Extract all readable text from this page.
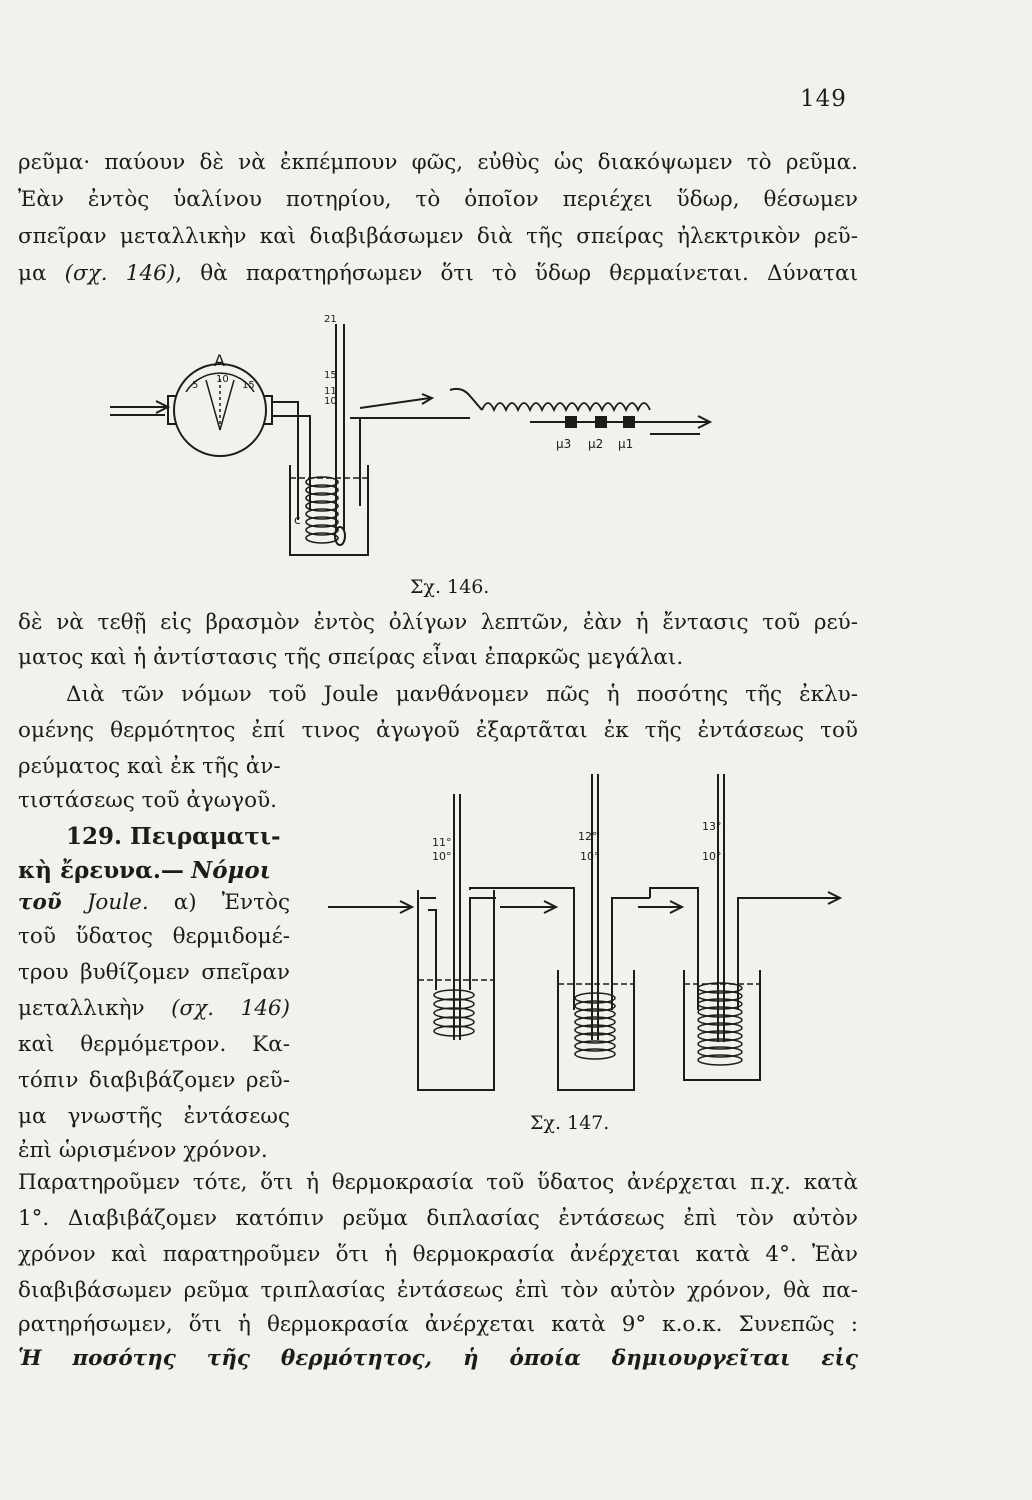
149
ρεῦμα· παύουν δὲ νὰ ἐκπέμπουν φῶς, εὐθὺς ὡς διακόψωμεν τὸ ρεῦμα.
Ἐὰν ἐντὸς ὑαλίνου ποτηρίου, τὸ ὁποῖον περιέχει ὕδωρ, θέσωμεν
σπεῖραν μεταλλικὴν καὶ διαβιβάσωμεν διὰ τῆς σπείρας ἠλεκτρικὸν ρεῦ-
μα (σχ. 146), θὰ παρατηρήσωμεν ὅτι τὸ ὕδωρ θερμαίνεται. Δύναται
A
5
10
15
c
21
15
11
10
μ3 μ2 μ1
Σχ. 146.
δὲ νὰ τεθῇ εἰς βρασμὸν ἐντὸς ὀλίγων λεπτῶν, ἐὰν ἡ ἔντασις τοῦ ρεύ-
ματος καὶ ἡ ἀντίστασις τῆς σπείρας εἶναι ἐπαρκῶς μεγάλαι.
Διὰ τῶν νόμων τοῦ Joule μανθάνομεν πῶς ἡ ποσότης τῆς ἐκλυ-
ομένης θερμότητος ἐπί τινος ἀγωγοῦ ἐξαρτᾶται ἐκ τῆς ἐντάσεως τοῦ
ρεύματος καὶ ἐκ τῆς ἀν-
τιστάσεως τοῦ ἀγωγοῦ.
129. Πειραματι-
κὴ ἔρευνα.— Νόμοι
τοῦ Joule. α) Ἐντὸς
τοῦ ὕδατος θερμιδομέ-
τρου βυθίζομεν σπεῖραν
μεταλλικὴν (σχ. 146)
καὶ θερμόμετρον. Κα-
τόπιν διαβιβάζομεν ρεῦ-
μα γνωστῆς ἐντάσεως
ἐπὶ ὡρισμένον χρόνον.
11°
10°
12°
10°
13°
10°
Σχ. 147.
Παρατηροῦμεν τότε, ὅτι ἡ θερμοκρασία τοῦ ὕδατος ἀνέρχεται π.χ. κατὰ
1°. Διαβιβάζομεν κατόπιν ρεῦμα διπλασίας ἐντάσεως ἐπὶ τὸν αὐτὸν
χρόνον καὶ παρατηροῦμεν ὅτι ἡ θερμοκρασία ἀνέρχεται κατὰ 4°. Ἐὰν
διαβιβάσωμεν ρεῦμα τριπλασίας ἐντάσεως ἐπὶ τὸν αὐτὸν χρόνον, θὰ πα-
ρατηρήσωμεν, ὅτι ἡ θερμοκρασία ἀνέρχεται κατὰ 9° κ.ο.κ. Συνεπῶς :
Ἡ ποσότης τῆς θερμότητος, ἡ ὁποία δημιουργεῖται εἰς
